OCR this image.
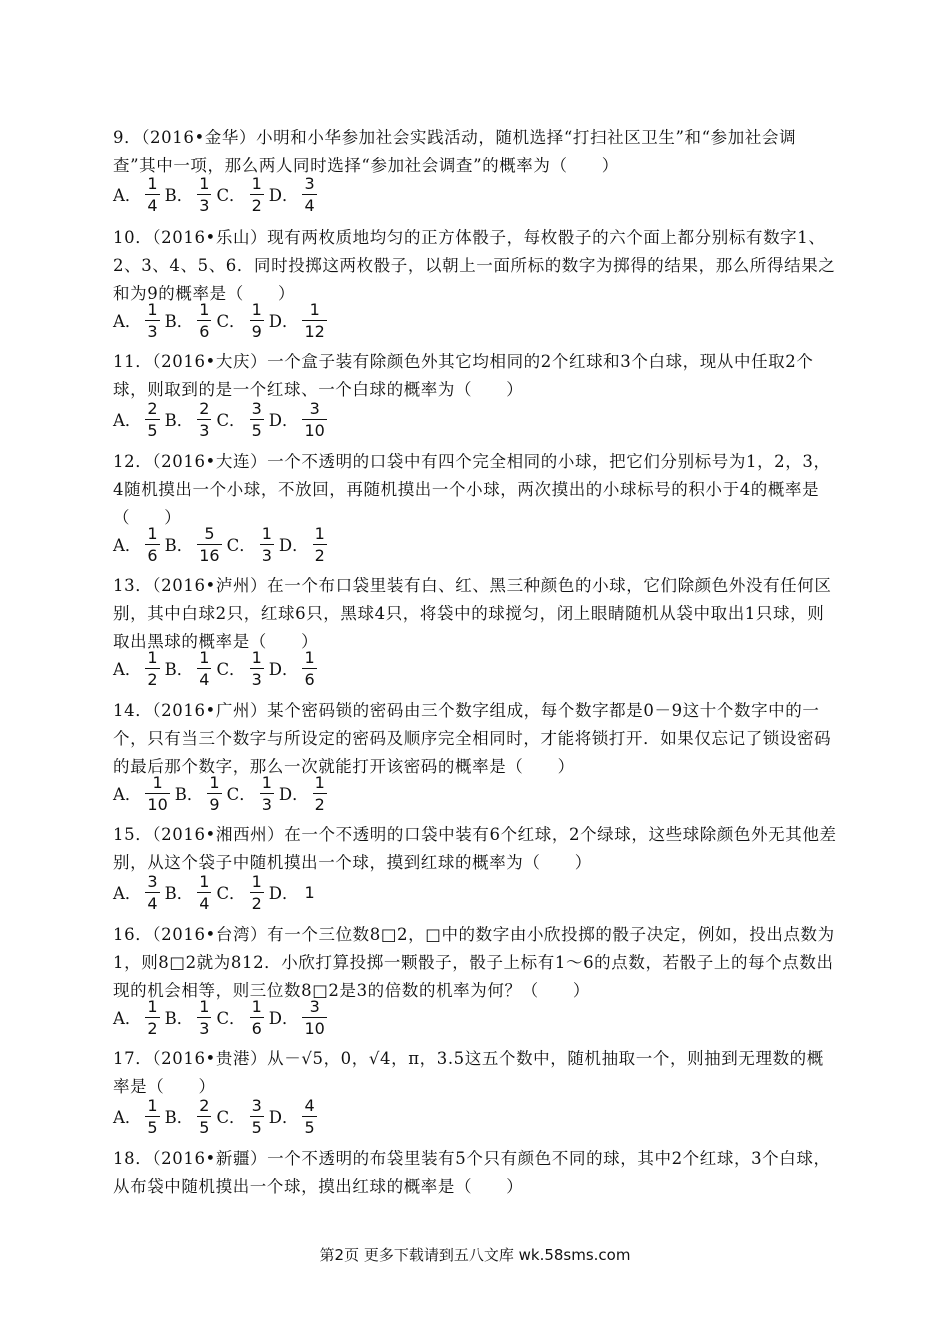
9．（2016•金华）小明和小华参加社会实践活动，随机选择“打扫社区卫生”和“参加社会调查”其中一项，那么两人同时选择“参加社会调查”的概率为（　　）
A． $\frac{1}{4}$ B． $\frac{1}{3}$ C． $\frac{1}{2}$ D． $\frac{3}{4}$
10．（2016•乐山）现有两枚质地均匀的正方体骰子，每枚骰子的六个面上都分别标有数字1、2、3、4、5、6．同时投掷这两枚骰子，以朝上一面所标的数字为掷得的结果，那么所得结果之和为9的概率是（　　）
A． $\frac{1}{3}$ B． $\frac{1}{6}$ C． $\frac{1}{9}$ D． $\frac{1}{12}$
11．（2016•大庆）一个盒子装有除颜色外其它均相同的2个红球和3个白球，现从中任取2个球，则取到的是一个红球、一个白球的概率为（　　）
A． $\frac{2}{5}$ B． $\frac{2}{3}$ C． $\frac{3}{5}$ D． $\frac{3}{10}$
12．（2016•大连）一个不透明的口袋中有四个完全相同的小球，把它们分别标号为1，2，3，4随机摸出一个小球，不放回，再随机摸出一个小球，两次摸出的小球标号的积小于4的概率是（　　）
A． $\frac{1}{6}$ B． $\frac{5}{16}$ C． $\frac{1}{3}$ D． $\frac{1}{2}$
13．（2016•泸州）在一个布口袋里装有白、红、黑三种颜色的小球，它们除颜色外没有任何区别，其中白球2只，红球6只，黑球4只，将袋中的球搅匀，闭上眼睛随机从袋中取出1只球，则取出黑球的概率是（　　）
A． $\frac{1}{2}$ B． $\frac{1}{4}$ C． $\frac{1}{3}$ D． $\frac{1}{6}$
14．（2016•广州）某个密码锁的密码由三个数字组成，每个数字都是0－9这十个数字中的一个，只有当三个数字与所设定的密码及顺序完全相同时，才能将锁打开．如果仅忘记了锁设密码的最后那个数字，那么一次就能打开该密码的概率是（　　）
A． $\frac{1}{10}$ B． $\frac{1}{9}$ C． $\frac{1}{3}$ D． $\frac{1}{2}$
15．（2016•湘西州）在一个不透明的口袋中装有6个红球，2个绿球，这些球除颜色外无其他差别，从这个袋子中随机摸出一个球，摸到红球的概率为（　　）
A． $\frac{3}{4}$ B． $\frac{1}{4}$ C． $\frac{1}{2}$ D． 1
16．（2016•台湾）有一个三位数8□2，□中的数字由小欣投掷的骰子决定，例如，投出点数为1，则8□2就为812．小欣打算投掷一颗骰子，骰子上标有1～6的点数，若骰子上的每个点数出现的机会相等，则三位数8□2是3的倍数的机率为何？（　　）
A． $\frac{1}{2}$ B． $\frac{1}{3}$ C． $\frac{1}{6}$ D． $\frac{3}{10}$
17．（2016•贵港）从－√5，0，√4，π，3.5这五个数中，随机抽取一个，则抽到无理数的概率是（　　）
A． $\frac{1}{5}$ B． $\frac{2}{5}$ C． $\frac{3}{5}$ D． $\frac{4}{5}$
18．（2016•新疆）一个不透明的布袋里装有5个只有颜色不同的球，其中2个红球，3个白球，从布袋中随机摸出一个球，摸出红球的概率是（　　）
第2页 更多下载请到五八文库 wk.58sms.com
